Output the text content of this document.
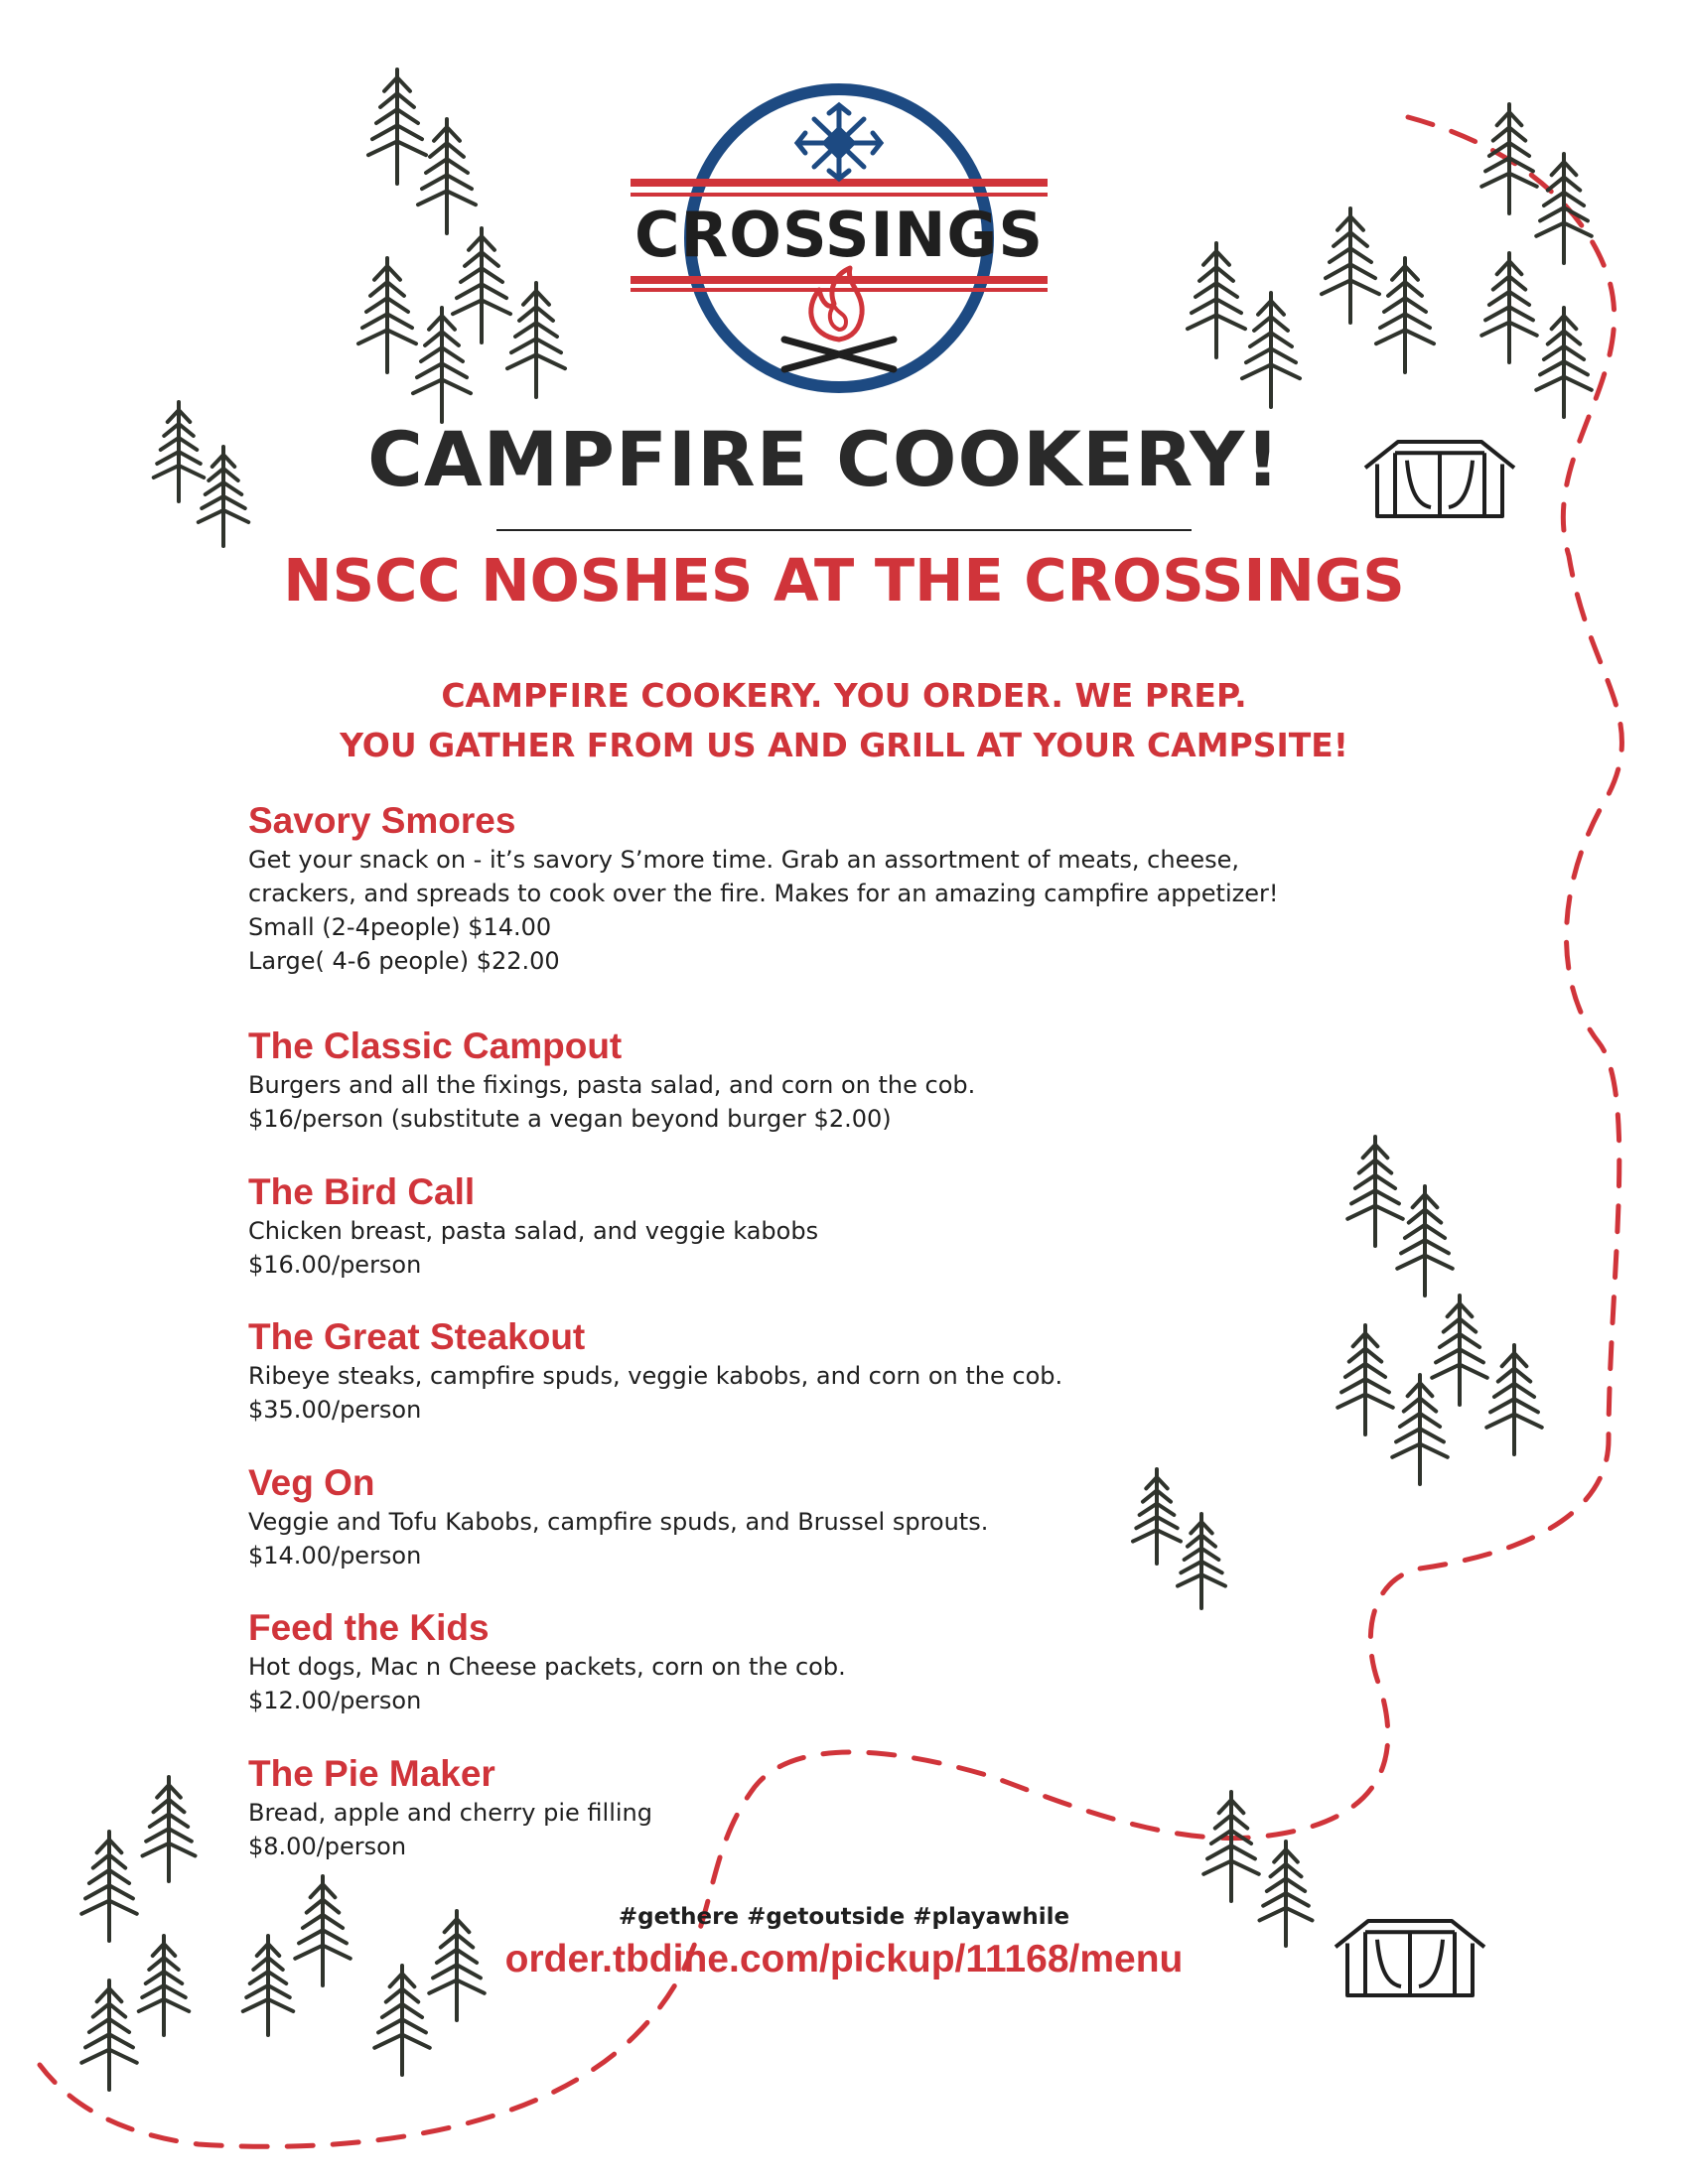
CROSSINGS
CAMPFIRE COOKERY!
NSCC NOSHES AT THE CROSSINGS
CAMPFIRE COOKERY. YOU ORDER. WE PREP.
YOU GATHER FROM US AND GRILL AT YOUR CAMPSITE!
Savory Smores
Get your snack on - it’s savory S’more time. Grab an assortment of meats, cheese,
crackers, and spreads to cook over the fire. Makes for an amazing campfire appetizer!
Small (2-4people) $14.00
Large( 4-6 people) $22.00
The Classic Campout
Burgers and all the fixings, pasta salad, and corn on the cob.
$16/person (substitute a vegan beyond burger $2.00)
The Bird Call
Chicken breast, pasta salad, and veggie kabobs
$16.00/person
The Great Steakout
Ribeye steaks, campfire spuds, veggie kabobs, and corn on the cob.
$35.00/person
Veg On
Veggie and Tofu Kabobs, campfire spuds, and Brussel sprouts.
$14.00/person
Feed the Kids
Hot dogs, Mac n Cheese packets, corn on the cob.
$12.00/person
The Pie Maker
Bread, apple and cherry pie filling
$8.00/person
#gethere #getoutside #playawhile
order.tbdine.com/pickup/11168/menu
